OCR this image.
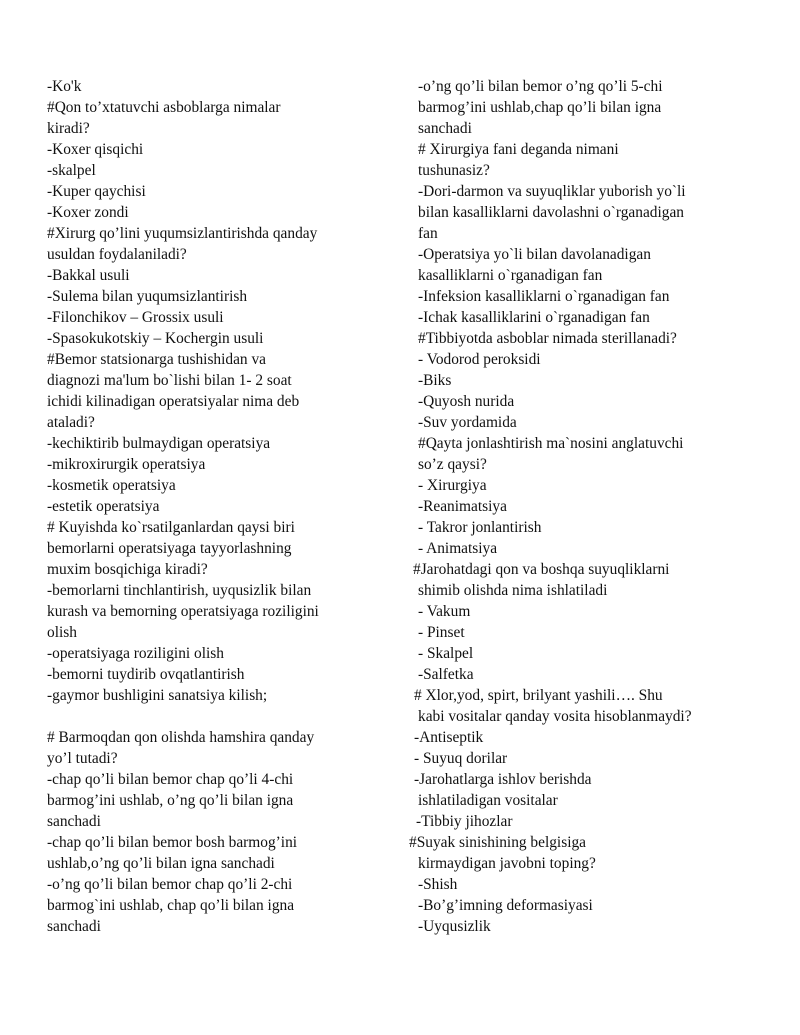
-Ko'k
#Qon to’xtatuvchi asboblarga nimalar
kiradi?
-Koxer qisqichi
-skalpel
-Kuper qaychisi
-Koxer zondi
#Xirurg qo’lini yuqumsizlantirishda qanday
usuldan foydalaniladi?
-Bakkal usuli
-Sulema bilan yuqumsizlantirish
-Filonchikov – Grossix usuli
-Spasokukotskiy – Kochergin usuli
#Bemor statsionarga tushishidan va
diagnozi ma'lum bo`lishi bilan 1- 2 soat
ichidi kilinadigan operatsiyalar nima deb
ataladi?
-kechiktirib bulmaydigan operatsiya
-mikroxirurgik operatsiya
-kosmetik operatsiya
-estetik operatsiya
# Kuyishda ko`rsatilganlardan qaysi biri
bemorlarni operatsiyaga tayyorlashning
muxim bosqichiga kiradi?
-bemorlarni tinchlantirish, uyqusizlik bilan
kurash va bemorning operatsiyaga roziligini
olish
-operatsiyaga roziligini olish
-bemorni tuydirib ovqatlantirish
-gaymor bushligini sanatsiya kilish;
# Barmoqdan qon olishda hamshira qanday
yo’l tutadi?
-chap qo’li bilan bemor chap qo’li 4-chi
barmog’ini ushlab, o’ng qo’li bilan igna
sanchadi
-chap qo’li bilan bemor bosh barmog’ini
ushlab,o’ng qo’li bilan igna sanchadi
-o’ng qo’li bilan bemor chap qo’li 2-chi
barmog`ini ushlab, chap qo’li bilan igna
sanchadi
-o’ng qo’li bilan bemor o’ng qo’li 5-chi
barmog’ini ushlab,chap qo’li bilan igna
sanchadi
# Xirurgiya fani deganda nimani
tushunasiz?
-Dori-darmon va suyuqliklar yuborish yo`li
bilan kasalliklarni davolashni o`rganadigan
fan
-Operatsiya yo`li bilan davolanadigan
kasalliklarni o`rganadigan fan
-Infeksion kasalliklarni o`rganadigan fan
-Ichak kasalliklarini o`rganadigan fan
#Tibbiyotda asboblar nimada sterillanadi?
- Vodorod peroksidi
-Biks
-Quyosh nurida
-Suv yordamida
#Qayta jonlashtirish ma`nosini anglatuvchi
so’z qaysi?
- Xirurgiya
-Reanimatsiya
- Takror jonlantirish
- Animatsiya
#Jarohatdagi qon va boshqa suyuqliklarni
shimib olishda nima ishlatiladi
- Vakum
- Pinset
- Skalpel
-Salfetka
# Xlor,yod, spirt, brilyant yashili…. Shu
kabi vositalar qanday vosita hisoblanmaydi?
-Antiseptik
- Suyuq dorilar
-Jarohatlarga ishlov berishda
ishlatiladigan vositalar
-Tibbiy jihozlar
#Suyak sinishining belgisiga
kirmaydigan javobni toping?
-Shish
-Bo’g’imning deformasiyasi
-Uyqusizlik
